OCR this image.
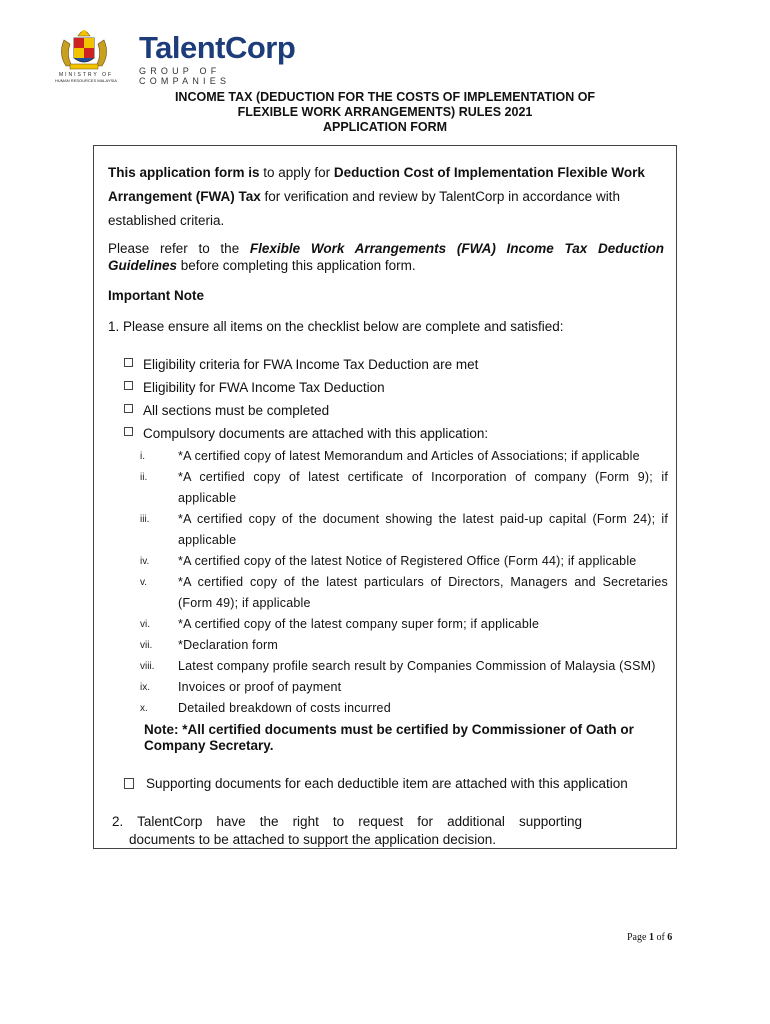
MINISTRY OF
HUMAN RESOURCES MALAYSIA
TalentCorp
GROUP OF COMPANIES
INCOME TAX (DEDUCTION FOR THE COSTS OF IMPLEMENTATION OF
FLEXIBLE WORK ARRANGEMENTS) RULES 2021
APPLICATION FORM
This application form is to apply for Deduction Cost of Implementation Flexible Work Arrangement (FWA) Tax for verification and review by TalentCorp in accordance with established criteria.
Please refer to the Flexible Work Arrangements (FWA) Income Tax Deduction Guidelines before completing this application form.
Important Note
1. Please ensure all items on the checklist below are complete and satisfied:
Eligibility criteria for FWA Income Tax Deduction are met
Eligibility for FWA Income Tax Deduction
All sections must be completed
Compulsory documents are attached with this application:
i.	*A certified copy of latest Memorandum and Articles of Associations; if applicable
ii.	*A certified copy of latest certificate of Incorporation of company (Form 9); if applicable
iii.	*A certified copy of the document showing the latest paid-up capital (Form 24); if applicable
iv.	*A certified copy of the latest Notice of Registered Office (Form 44); if applicable
v.	*A certified copy of the latest particulars of Directors, Managers and Secretaries (Form 49); if applicable
vi.	*A certified copy of the latest company super form; if applicable
vii.	*Declaration form
viii.	Latest company profile search result by Companies Commission of Malaysia (SSM)
ix.	Invoices or proof of payment
x.	Detailed breakdown of costs incurred
Note: *All certified documents must be certified by Commissioner of Oath or Company Secretary.
Supporting documents for each deductible item are attached with this application
2. TalentCorp have the right to request for additional supporting
documents to be attached to support the application decision.
Page 1 of 6
